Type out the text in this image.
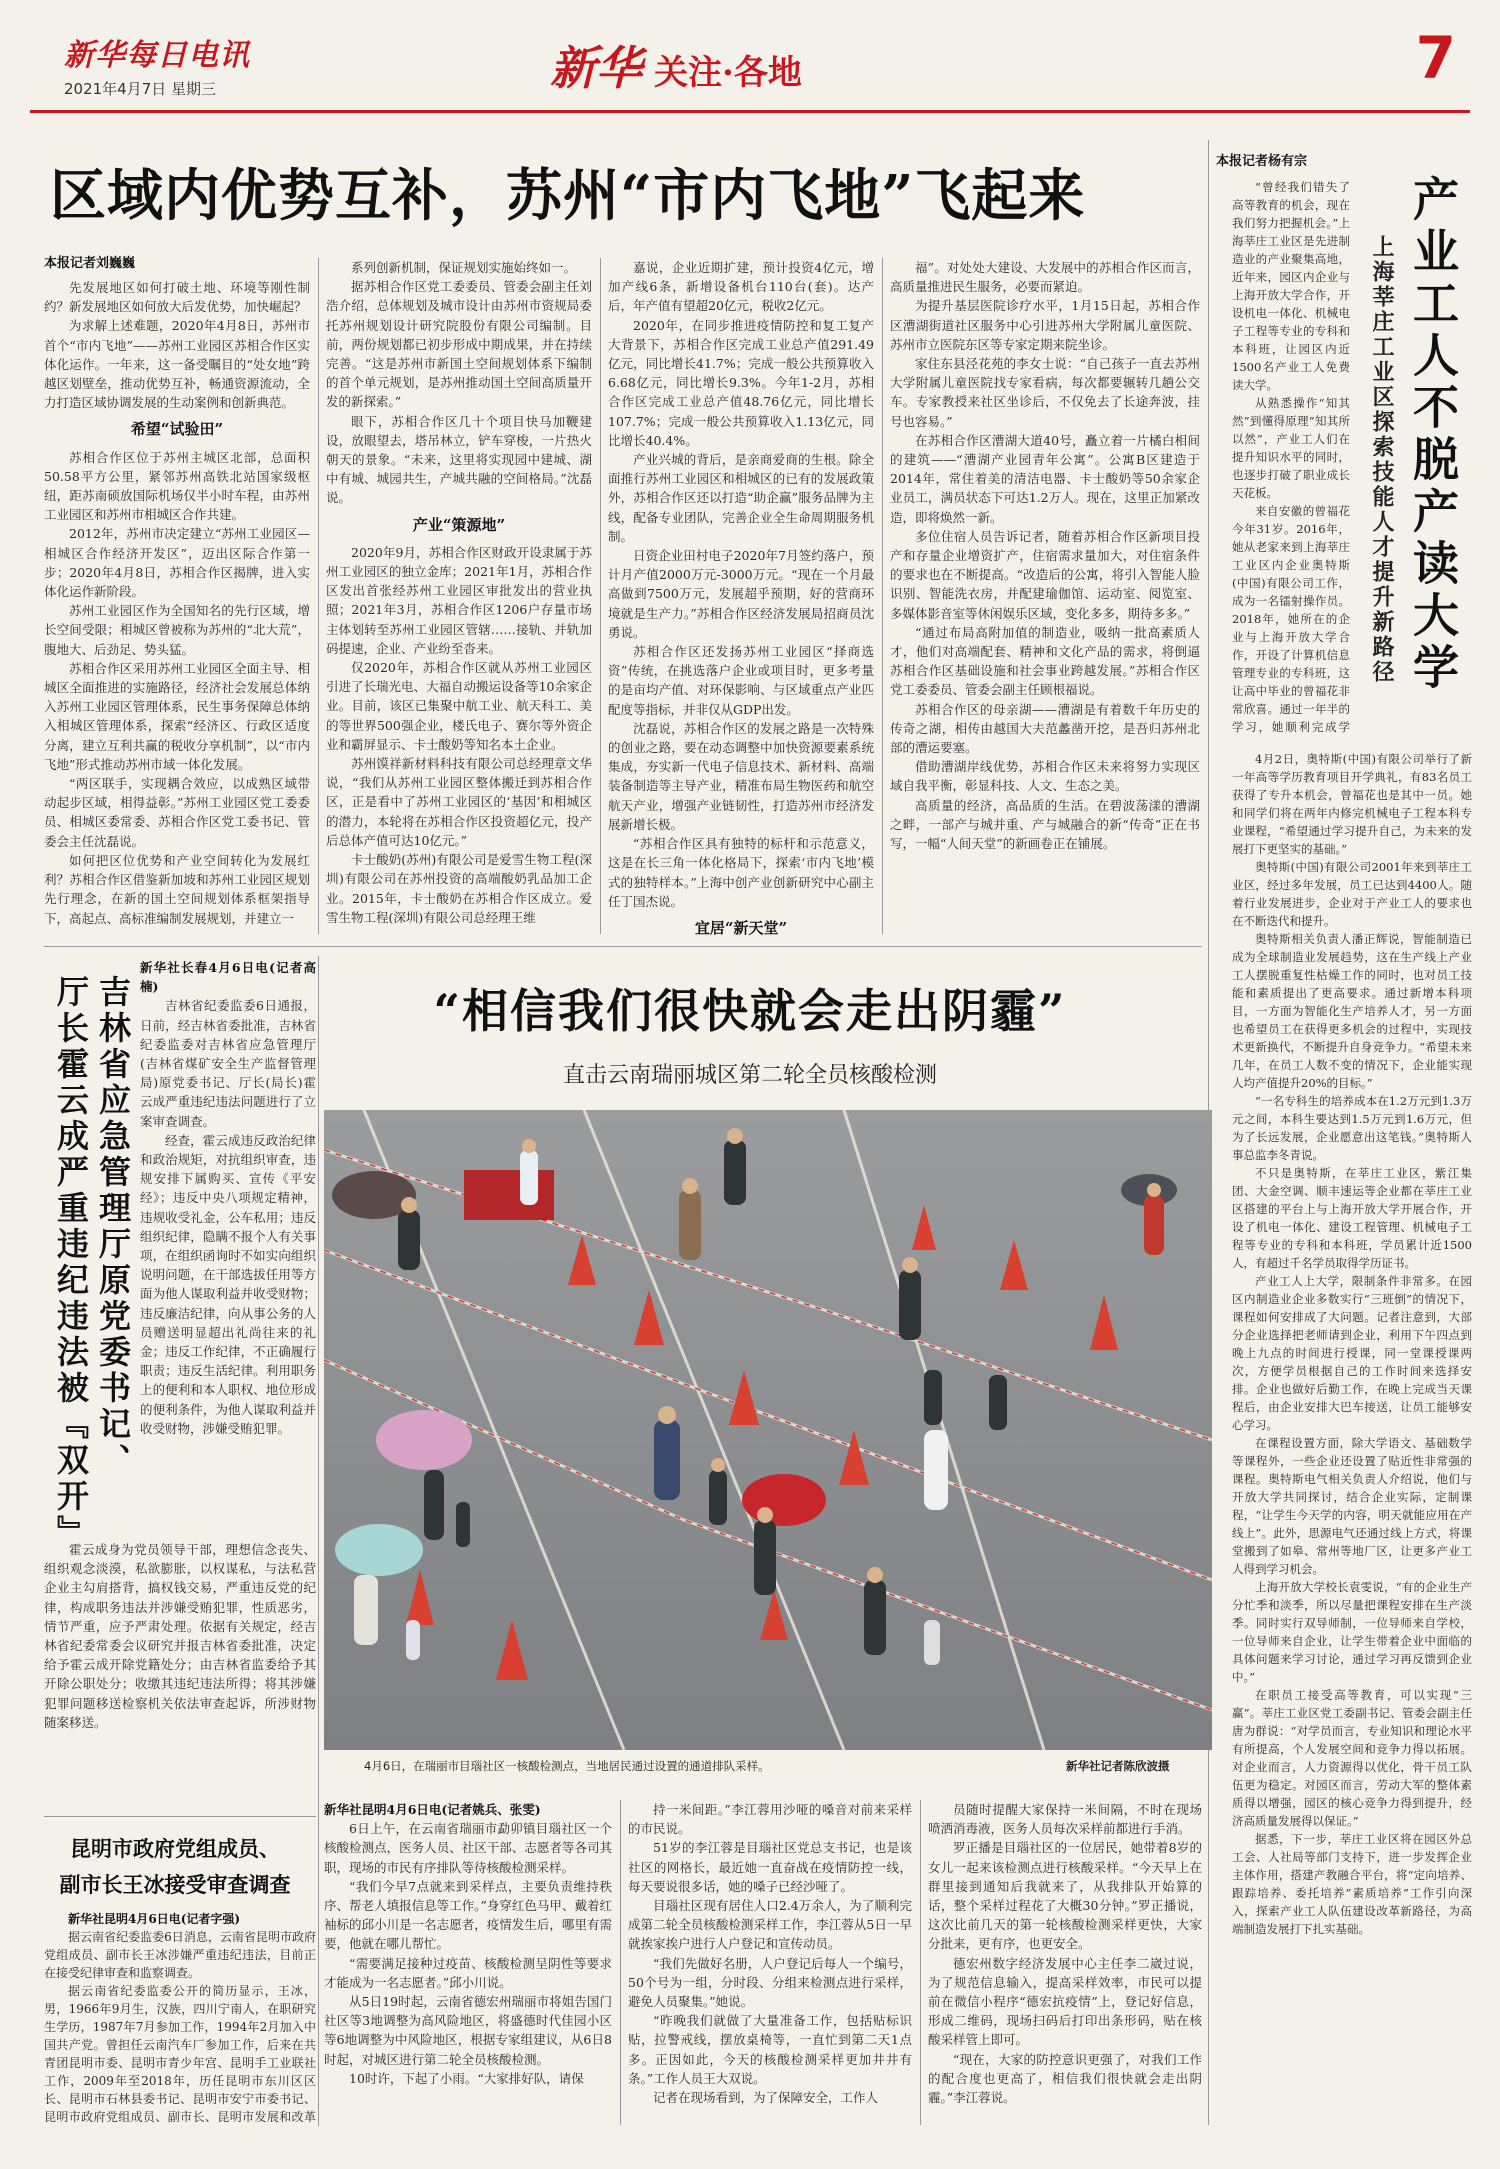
新华每日电讯
2021年4月7日 星期三	新华 关注·各地	7
区域内优势互补，苏州“市内飞地”飞起来
本报记者刘巍巍

先发展地区如何打破土地、环境等刚性制约？新发展地区如何放大后发优势，加快崛起？

为求解上述难题，2020年4月8日，苏州市首个“市内飞地”——苏州工业园区苏相合作区实体化运作。一年来，这一备受瞩目的“处女地”跨越区划壁垒，推动优势互补，畅通资源流动，全力打造区域协调发展的生动案例和创新典范。

希望“试验田”

苏相合作区位于苏州主城区北部，总面积50.58平方公里，紧邻苏州高铁北站国家级枢纽，距苏南硕放国际机场仅半小时车程，由苏州工业园区和苏州市相城区合作共建。

2012年，苏州市决定建立“苏州工业园区—相城区合作经济开发区”，迈出区际合作第一步；2020年4月8日，苏相合作区揭牌，进入实体化运作新阶段。

苏州工业园区作为全国知名的先行区域，增长空间受限；相城区曾被称为苏州的“北大荒”，腹地大、后劲足、势头猛。

苏相合作区采用苏州工业园区全面主导、相城区全面推进的实施路径，经济社会发展总体纳入苏州工业园区管理体系，民生事务保障总体纳入相城区管理体系，探索“经济区、行政区适度分离，建立互利共赢的税收分享机制”，以“市内飞地”形式推动苏州市域一体化发展。

“两区联手，实现耦合效应，以成熟区域带动起步区域，相得益彰。”苏州工业园区党工委委员、相城区委常委、苏相合作区党工委书记、管委会主任沈磊说。

如何把区位优势和产业空间转化为发展红利？苏相合作区借鉴新加坡和苏州工业园区规划先行理念，在新的国土空间规划体系框架指导下，高起点、高标准编制发展规划，并建立一

系列创新机制，保证规划实施始终如一。

据苏相合作区党工委委员、管委会副主任刘浩介绍，总体规划及城市设计由苏州市资规局委托苏州规划设计研究院股份有限公司编制。目前，两份规划都已初步形成中期成果，并在持续完善。“这是苏州市新国土空间规划体系下编制的首个单元规划，是苏州推动国土空间高质量开发的新探索。”

眼下，苏相合作区几十个项目快马加鞭建设，放眼望去，塔吊林立，铲车穿梭，一片热火朝天的景象。“未来，这里将实现园中建城、湖中有城、城园共生，产城共融的空间格局。”沈磊说。

产业“策源地”

2020年9月，苏相合作区财政开设隶属于苏州工业园区的独立金库；2021年1月，苏相合作区发出首张经苏州工业园区审批发出的营业执照；2021年3月，苏相合作区1206户存量市场主体划转至苏州工业园区管辖……接轨、并轨加码提速，企业、产业纷至沓来。

仅2020年，苏相合作区就从苏州工业园区引进了长瑞光电、大福自动搬运设备等10余家企业。目前，该区已集聚中航工业、航天科工、美的等世界500强企业，楼氏电子、赛尔等外资企业和霸屏显示、卡士酸奶等知名本土企业。

苏州馍祥新材料科技有限公司总经理章文华说，“我们从苏州工业园区整体搬迁到苏相合作区，正是看中了苏州工业园区的‘基因’和相城区的潜力，本轮将在苏相合作区投资超亿元，投产后总体产值可达10亿元。”

卡士酸奶(苏州)有限公司是爱雪生物工程(深圳)有限公司在苏州投资的高端酸奶乳品加工企业。2015年，卡士酸奶在苏相合作区成立。爱雪生物工程(深圳)有限公司总经理王维

嘉说，企业近期扩建，预计投资4亿元，增加产线6条，新增设备机台110台(套)。达产后，年产值有望超20亿元，税收2亿元。

2020年，在同步推进疫情防控和复工复产大背景下，苏相合作区完成工业总产值291.49亿元，同比增长41.7%；完成一般公共预算收入6.68亿元，同比增长9.3%。今年1-2月，苏相合作区完成工业总产值48.76亿元，同比增长107.7%；完成一般公共预算收入1.13亿元，同比增长40.4%。

产业兴城的背后，是亲商爱商的生根。除全面推行苏州工业园区和相城区的已有的发展政策外，苏相合作区还以打造“助企赢”服务品牌为主线，配备专业团队，完善企业全生命周期服务机制。

日资企业田村电子2020年7月签约落户，预计月产值2000万元-3000万元。“现在一个月最高做到7500万元，发展超乎预期，好的营商环境就是生产力。”苏相合作区经济发展局招商员沈勇说。

苏相合作区还发扬苏州工业园区“择商选资”传统，在挑选落户企业或项目时，更多考量的是亩均产值、对环保影响、与区域重点产业匹配度等指标，并非仅从GDP出发。

沈磊说，苏相合作区的发展之路是一次特殊的创业之路，要在动态调整中加快资源要素系统集成，夯实新一代电子信息技术、新材料、高端装备制造等主导产业，精准布局生物医药和航空航天产业，增强产业链韧性，打造苏州市经济发展新增长极。

“苏相合作区具有独特的标杆和示范意义，这是在长三角一体化格局下，探索‘市内飞地’模式的独特样本。”上海中创产业创新研究中心副主任丁国杰说。

宜居“新天堂”

福”。对处处大建设、大发展中的苏相合作区而言，高质量推进民生服务，必要而紧迫。

为提升基层医院诊疗水平，1月15日起，苏相合作区漕湖街道社区服务中心引进苏州大学附属儿童医院、苏州市立医院东区等专家定期来院坐诊。

家住东县泾花苑的李女士说：“自己孩子一直去苏州大学附属儿童医院找专家看病，每次都要辗转几趟公交车。专家教授来社区坐诊后，不仅免去了长途奔波，挂号也容易。”

在苏相合作区漕湖大道40号，矗立着一片橘白相间的建筑——“漕湖产业园青年公寓”。公寓B区建造于2014年，常住着美的清洁电器、卡士酸奶等50余家企业员工，满员状态下可达1.2万人。现在，这里正加紧改造，即将焕然一新。

多位住宿人员告诉记者，随着苏相合作区新项目投产和存量企业增资扩产，住宿需求量加大，对住宿条件的要求也在不断提高。“改造后的公寓，将引入智能人脸识别、智能洗衣房，并配建瑜伽馆、运动室、阅览室、多媒体影音室等休闲娱乐区域，变化多多，期待多多。”

“通过布局高附加值的制造业，吸纳一批高素质人才，他们对高端配套、精神和文化产品的需求，将倒逼苏相合作区基础设施和社会事业跨越发展。”苏相合作区党工委委员、管委会副主任顾根福说。

苏相合作区的母亲湖——漕湖是有着数千年历史的传奇之湖，相传由越国大夫范蠡凿开挖，是吾归苏州北部的漕运要塞。

借助漕湖岸线优势，苏相合作区未来将努力实现区域自我平衡，彰显科技、人文、生态之美。

高质量的经济，高品质的生活。在碧波荡漾的漕湖之畔，一部产与城并重、产与城融合的新“传奇”正在书写，一幅“人间天堂”的新画卷正在铺展。

本报记者杨有宗
产业工人不脱产读大学
上海莘庄工业区探索技能人才提升新路径

“曾经我们错失了高等教育的机会，现在我们努力把握机会。”上海莘庄工业区是先进制造业的产业聚集高地，近年来，园区内企业与上海开放大学合作，开设机电一体化、机械电子工程等专业的专科和本科班，让园区内近1500名产业工人免费读大学。

从熟悉操作“知其然”到懂得原理“知其所以然”，产业工人们在提升知识水平的同时，也逐步打破了职业成长天花板。

来自安徽的曾福花今年31岁。2016年，她从老家来到上海莘庄工业区内企业奥特斯(中国)有限公司工作，成为一名镭射操作员。2018年，她所在的企业与上海开放大学合作，开设了计算机信息管理专业的专科班，这让高中毕业的曾福花非常欣喜。通过一年半的学习，她顺利完成学

4月2日，奥特斯(中国)有限公司举行了新一年高等学历教育项目开学典礼，有83名员工获得了专升本机会，曾福花也是其中一员。她和同学们将在两年内修完机械电子工程本科专业课程，“希望通过学习提升自己，为未来的发展打下更坚实的基础。”

奥特斯(中国)有限公司2001年来到莘庄工业区，经过多年发展，员工已达到4400人。随着行业发展进步，企业对于产业工人的要求也在不断迭代和提升。

奥特斯相关负责人潘正辉说，智能制造已成为全球制造业发展趋势，这在生产线上产业工人摆脱重复性枯燥工作的同时，也对员工技能和素质提出了更高要求。通过新增本科项目，一方面为智能化生产培养人才，另一方面也希望员工在获得更多机会的过程中，实现技术更新换代，不断提升自身竞争力。“希望未来几年，在员工人数不变的情况下，企业能实现人均产值提升20%的目标。”

“一名专科生的培养成本在1.2万元到1.3万元之间，本科生要达到1.5万元到1.6万元，但为了长远发展，企业愿意出这笔钱。”奥特斯人事总监李冬青说。

不只是奥特斯，在莘庄工业区，紫江集团、大金空调、顺丰速运等企业都在莘庄工业区搭建的平台上与上海开放大学开展合作，开设了机电一体化、建设工程管理、机械电子工程等专业的专科和本科班，学员累计近1500人，有超过千名学员取得学历证书。

产业工人上大学，限制条件非常多。在园区内制造业企业多数实行“三班倒”的情况下，课程如何安排成了大问题。记者注意到，大部分企业选择把老师请到企业，利用下午四点到晚上九点的时间进行授课，同一堂课授课两次，方便学员根据自己的工作时间来选择安排。企业也做好后勤工作，在晚上完成当天课程后，由企业安排大巴车接送，让员工能够安心学习。

在课程设置方面，除大学语文、基础数学等课程外，一些企业还设置了贴近性非常强的课程。奥特斯电气相关负责人介绍说，他们与开放大学共同探讨，结合企业实际，定制课程，“让学生今天学的内容，明天就能应用在产线上”。此外，思源电气还通过线上方式，将课堂搬到了如皋、常州等地厂区，让更多产业工人得到学习机会。

上海开放大学校长袁雯说，“有的企业生产分忙季和淡季，所以尽量把课程安排在生产淡季。同时实行双导师制，一位导师来自学校，一位导师来自企业，让学生带着企业中面临的具体问题来学习讨论，通过学习再反馈到企业中。”

在职员工接受高等教育，可以实现“三赢”。莘庄工业区党工委副书记、管委会副主任唐为群说：“对学员而言，专业知识和理论水平有所提高，个人发展空间和竞争力得以拓展。对企业而言，人力资源得以优化，骨干员工队伍更为稳定。对园区而言，劳动大军的整体素质得以增强，园区的核心竞争力得到提升，经济高质量发展得以保证。”

据悉，下一步，莘庄工业区将在园区外总工会、人社局等部门支持下，进一步发挥企业主体作用，搭建产教融合平台，将“定向培养、跟踪培养、委托培养”素质培养”工作引向深入，探索产业工人队伍建设改革新路径，为高端制造发展打下扎实基础。

吉林省应急管理厅原党委书记、
厅长霍云成严重违纪违法被『双开』

新华社长春4月6日电(记者高楠)

吉林省纪委监委6日通报，日前，经吉林省委批准，吉林省纪委监委对吉林省应急管理厅(吉林省煤矿安全生产监督管理局)原党委书记、厅长(局长)霍云成严重违纪违法问题进行了立案审查调查。

经查，霍云成违反政治纪律和政治规矩，对抗组织审查，违规安排下属购买、宣传《平安经》；违反中央八项规定精神，违规收受礼金，公车私用；违反组织纪律，隐瞒不报个人有关事项，在组织函询时不如实向组织说明问题，在干部选拔任用等方面为他人谋取利益并收受财物；违反廉洁纪律，向从事公务的人员赠送明显超出礼尚往来的礼金；违反工作纪律，不正确履行职责；违反生活纪律。利用职务上的便利和本人职权、地位形成的便利条件，为他人谋取利益并收受财物，涉嫌受贿犯罪。

霍云成身为党员领导干部，理想信念丧失、组织观念淡漠，私欲膨胀，以权谋私，与法私营企业主勾肩搭背，搞权钱交易，严重违反党的纪律，构成职务违法并涉嫌受贿犯罪，性质恶劣，情节严重，应予严肃处理。依据有关规定，经吉林省纪委常委会议研究并报吉林省委批准，决定给予霍云成开除党籍处分；由吉林省监委给予其开除公职处分；收缴其违纪违法所得；将其涉嫌犯罪问题移送检察机关依法审查起诉，所涉财物随案移送。

昆明市政府党组成员、
副市长王冰接受审查调查

新华社昆明4月6日电(记者字强)

据云南省纪委监委6日消息，云南省昆明市政府党组成员、副市长王冰涉嫌严重违纪违法，目前正在接受纪律审查和监察调查。

据云南省纪委监委公开的简历显示，王冰，男，1966年9月生，汉族，四川宁南人，在职研究生学历，1987年7月参加工作，1994年2月加入中国共产党。曾担任云南汽车厂参加工作，后来在共青团昆明市委、昆明市青少年宫、昆明手工业联社工作，2009年至2018年，历任昆明市东川区区长、昆明市石林县委书记、昆明市安宁市委书记、昆明市政府党组成员、副市长、昆明市发展和改革

“相信我们很快就会走出阴霾”
直击云南瑞丽城区第二轮全员核酸检测
4月6日，在瑞丽市目瑙社区一核酸检测点，当地居民通过设置的通道排队采样。	新华社记者陈欣波摄

新华社昆明4月6日电(记者姚兵、张雯)

6日上午，在云南省瑞丽市勐卯镇目瑙社区一个核酸检测点，医务人员、社区干部、志愿者等各司其职，现场的市民有序排队等待核酸检测采样。

“我们今早7点就来到采样点，主要负责维持秩序、帮老人填报信息等工作。”身穿红色马甲、戴着红袖标的邱小川是一名志愿者，疫情发生后，哪里有需要，他就在哪儿帮忙。

“需要满足接种过疫苗、核酸检测呈阴性等要求才能成为一名志愿者。”邱小川说。

从5日19时起，云南省德宏州瑞丽市将姐告国门社区等3地调整为高风险地区，将盛德时代佳园小区等6地调整为中风险地区，根据专家组建议，从6日8时起，对城区进行第二轮全员核酸检测。

10时许，下起了小雨。“大家排好队，请保

持一米间距。”李江蓉用沙哑的嗓音对前来采样的市民说。

51岁的李江蓉是目瑙社区党总支书记，也是该社区的网格长，最近她一直奋战在疫情防控一线，每天要说很多话，她的嗓子已经沙哑了。

目瑙社区现有居住人口2.4万余人，为了顺利完成第二轮全员核酸检测采样工作，李江蓉从5日一早就挨家挨户进行人户登记和宣传动员。

“我们先做好名册，人户登记后每人一个编号，50个号为一组，分时段、分组来检测点进行采样，避免人员聚集。”她说。

“昨晚我们就做了大量准备工作，包括贴标识贴，拉警戒线，摆放桌椅等，一直忙到第二天1点多。正因如此，今天的核酸检测采样更加井井有条。”工作人员王大双说。

记者在现场看到，为了保障安全，工作人

员随时提醒大家保持一米间隔，不时在现场喷洒消毒液，医务人员每次采样前都进行手消。

罗正播是目瑙社区的一位居民，她带着8岁的女儿一起来该检测点进行核酸采样。“今天早上在群里接到通知后我就来了，从我排队开始算的话，整个采样过程花了大概30分钟。”罗正播说，这次比前几天的第一轮核酸检测采样更快，大家分批来，更有序，也更安全。

德宏州数字经济发展中心主任李二崴过说，为了规范信息输入，提高采样效率，市民可以提前在微信小程序“德宏抗疫情”上，登记好信息，形成二维码，现场扫码后打印出条形码，贴在核酸采样管上即可。

“现在，大家的防控意识更强了，对我们工作的配合度也更高了，相信我们很快就会走出阴霾。”李江蓉说。
